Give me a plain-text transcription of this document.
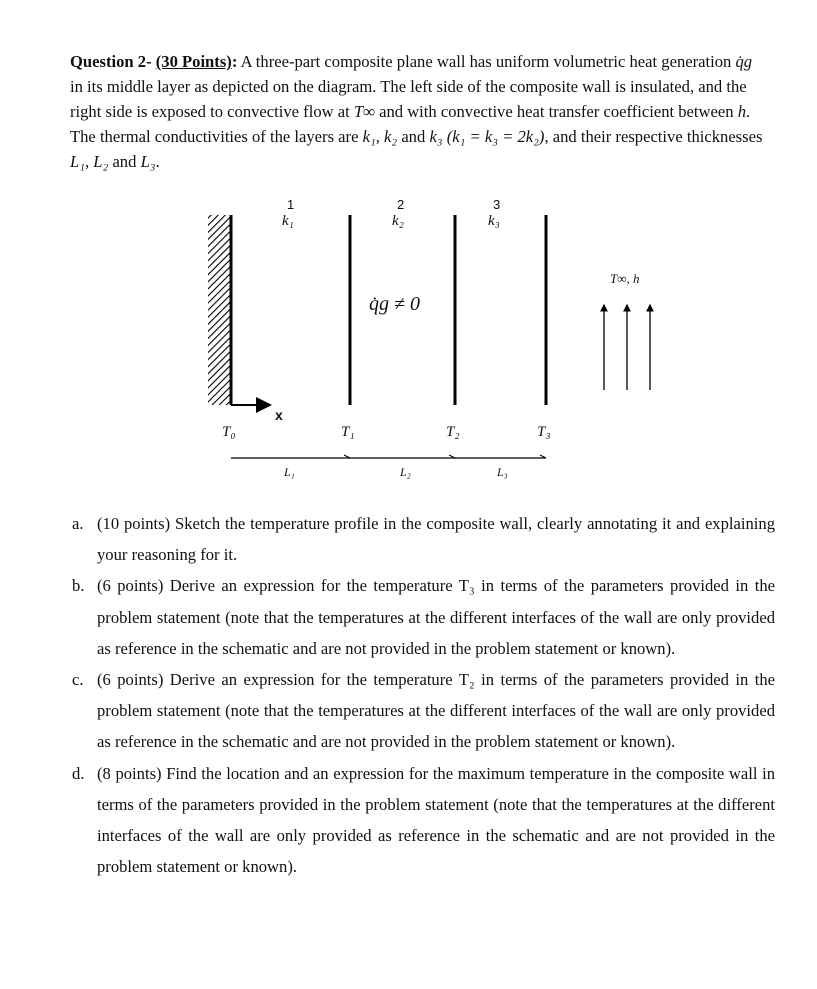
Question 2- (30 Points): A three-part composite plane wall has uniform volumetric heat generation q̇g in its middle layer as depicted on the diagram. The left side of the composite wall is insulated, and the right side is exposed to convective flow at T∞ and with convective heat transfer coefficient between h. The thermal conductivities of the layers are k₁, k₂ and k₃ (k₁ = k₃ = 2k₂), and their respective thicknesses L₁, L₂ and L₃.
1	2	3
k₁	k₂	k₃
q̇g ≠ 0
T∞, h
x
T₀	T₁	T₂	T₃
L₁	L₂	L₃
a. (10 points) Sketch the temperature profile in the composite wall, clearly annotating it and explaining your reasoning for it.
b. (6 points) Derive an expression for the temperature T₃ in terms of the parameters provided in the problem statement (note that the temperatures at the different interfaces of the wall are only provided as reference in the schematic and are not provided in the problem statement or known).
c. (6 points) Derive an expression for the temperature T₂ in terms of the parameters provided in the problem statement (note that the temperatures at the different interfaces of the wall are only provided as reference in the schematic and are not provided in the problem statement or known).
d. (8 points) Find the location and an expression for the maximum temperature in the composite wall in terms of the parameters provided in the problem statement (note that the temperatures at the different interfaces of the wall are only provided as reference in the schematic and are not provided in the problem statement or known).
